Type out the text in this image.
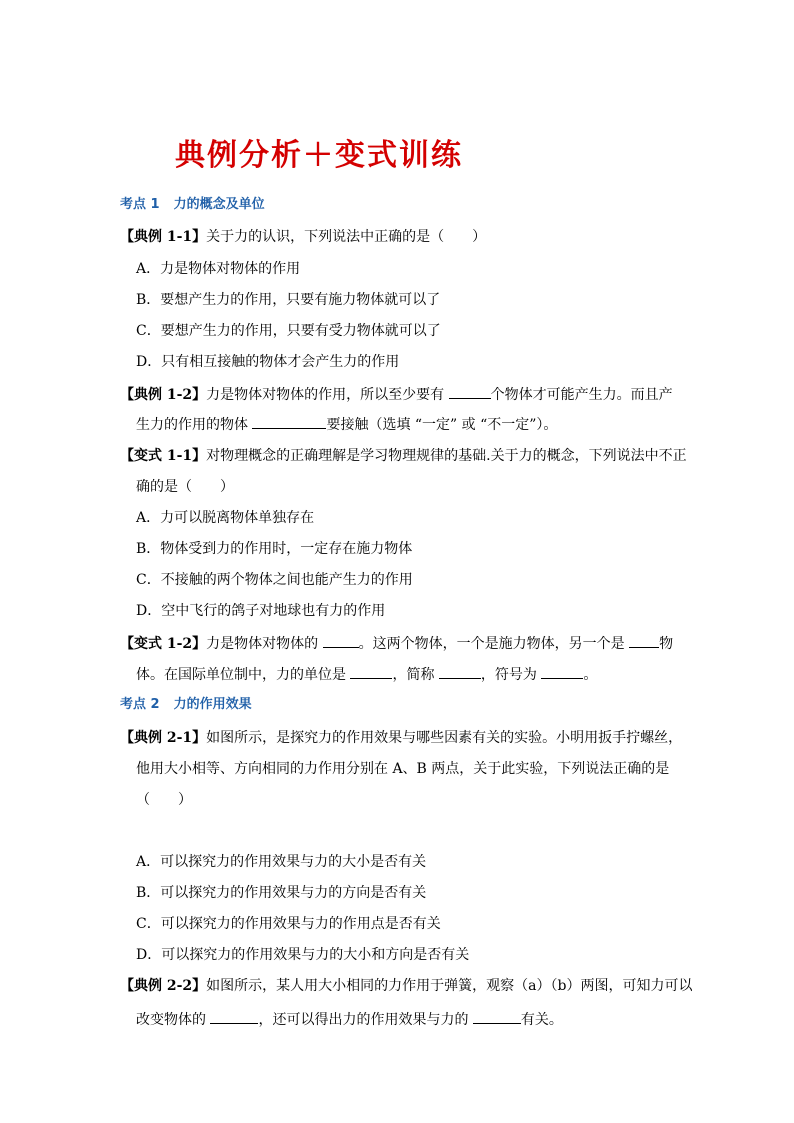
典例分析＋变式训练
考点 1 力的概念及单位
【典例 1-1】关于力的认识，下列说法中正确的是（　　）
A．力是物体对物体的作用
B．要想产生力的作用，只要有施力物体就可以了
C．要想产生力的作用，只要有受力物体就可以了
D．只有相互接触的物体才会产生力的作用
【典例 1-2】力是物体对物体的作用，所以至少要有	个物体才可能产生力。而且产
生力的作用的物体	要接触（选填 “一定” 或 “不一定”）。
【变式 1-1】对物理概念的正确理解是学习物理规律的基础.关于力的概念，下列说法中不正
确的是（　　）
A．力可以脱离物体单独存在
B．物体受到力的作用时，一定存在施力物体
C．不接触的两个物体之间也能产生力的作用
D．空中飞行的鸽子对地球也有力的作用
【变式 1-2】力是物体对物体的	。这两个物体，一个是施力物体，另一个是 物
体。在国际单位制中，力的单位是	，简称	，符号为	。
考点 2 力的作用效果
【典例 2-1】如图所示，是探究力的作用效果与哪些因素有关的实验。小明用扳手拧螺丝，
他用大小相等、方向相同的力作用分别在 A、B 两点，关于此实验，下列说法正确的是
（　　）
A．可以探究力的作用效果与力的大小是否有关
B．可以探究力的作用效果与力的方向是否有关
C．可以探究力的作用效果与力的作用点是否有关
D．可以探究力的作用效果与力的大小和方向是否有关
【典例 2-2】如图所示，某人用大小相同的力作用于弹簧，观察（a）（b）两图，可知力可以
改变物体的	，还可以得出力的作用效果与力的	有关。
